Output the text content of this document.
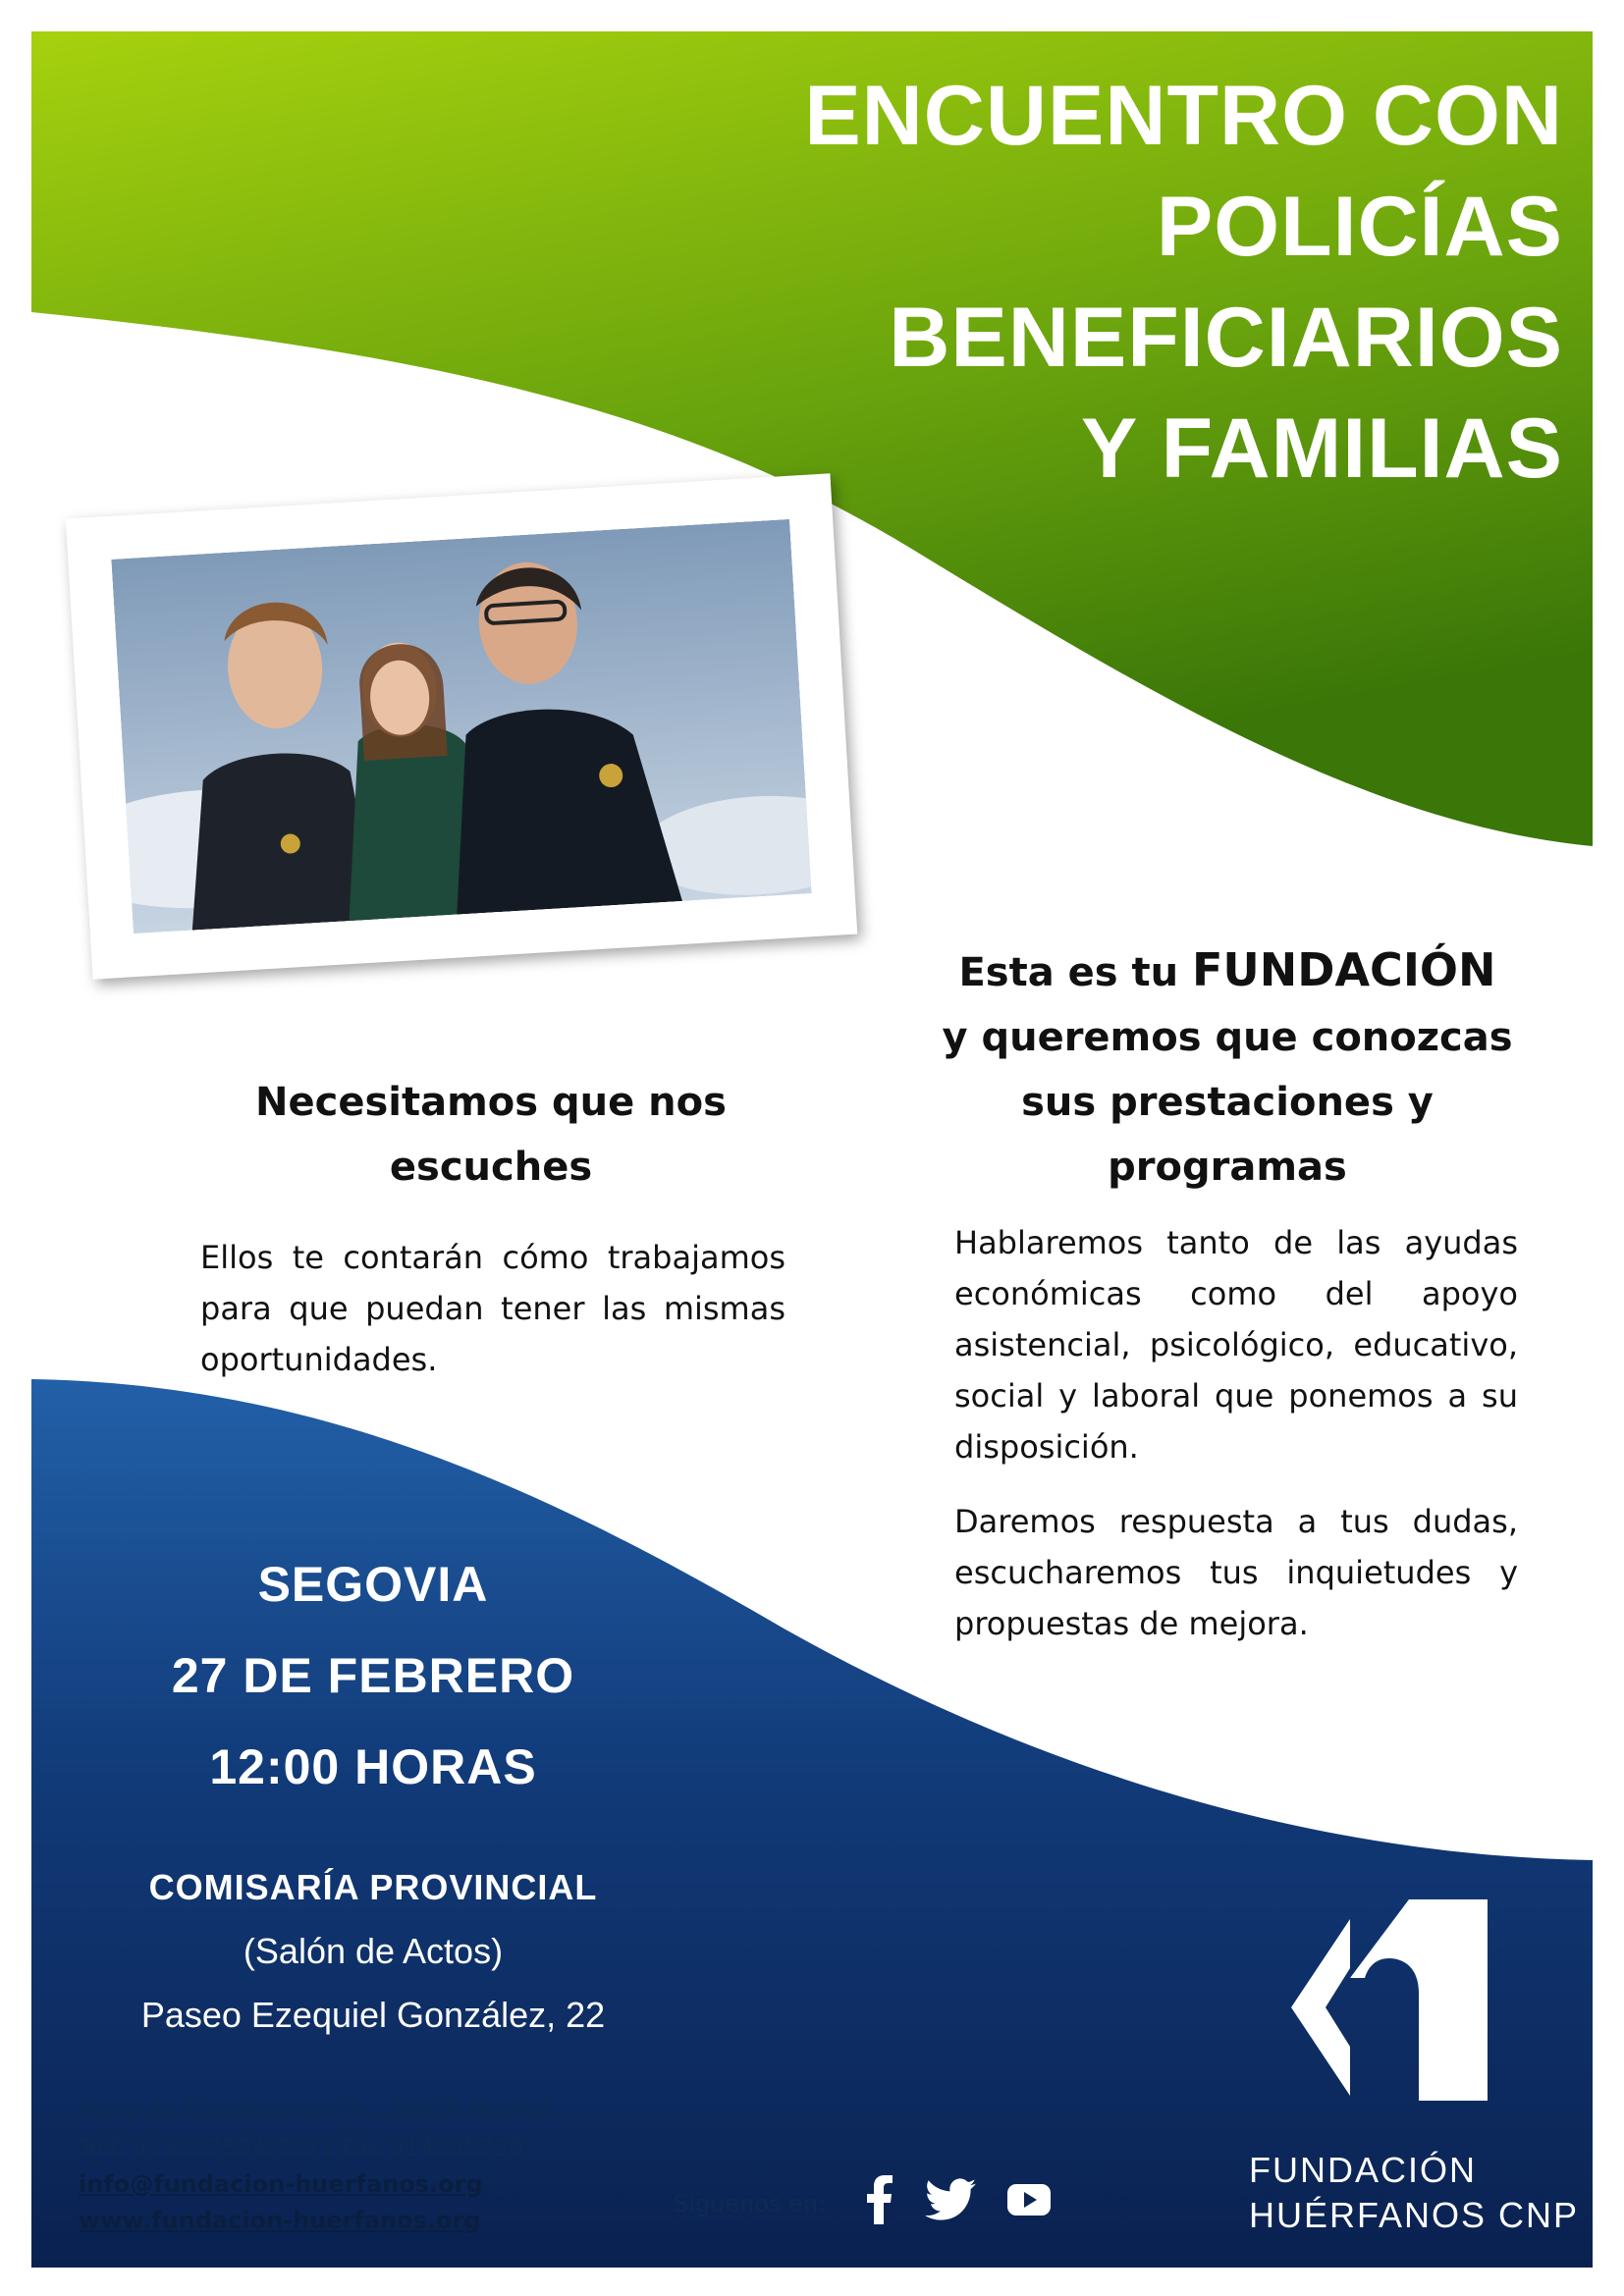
ENCUENTRO CON
POLICÍAS
BENEFICIARIOS
Y FAMILIAS
Necesitamos que nos
escuches
Ellos te contarán cómo trabajamos para que puedan tener las mismas oportunidades.
Esta es tu FUNDACIÓN
y queremos que conozcas
sus prestaciones y
programas

Hablaremos tanto de las ayudas económicas como del apoyo asistencial, psicológico, educativo, social y laboral que ponemos a su disposición.

Daremos respuesta a tus dudas, escucharemos tus inquietudes y propuestas de mejora.

SEGOVIA
27 DE FEBRERO
12:00 HORAS
COMISARÍA PROVINCIAL
(Salón de Actos)
Paseo Ezequiel González, 22
Plaza de Carabanchel, 5 - 28025 Madrid
Telf. 913227554/7573 Fax 914285720
info@fundacion-huerfanos.org
www.fundacion-huerfanos.org
Síguenos en:
FUNDACIÓN
HUÉRFANOS CNP
